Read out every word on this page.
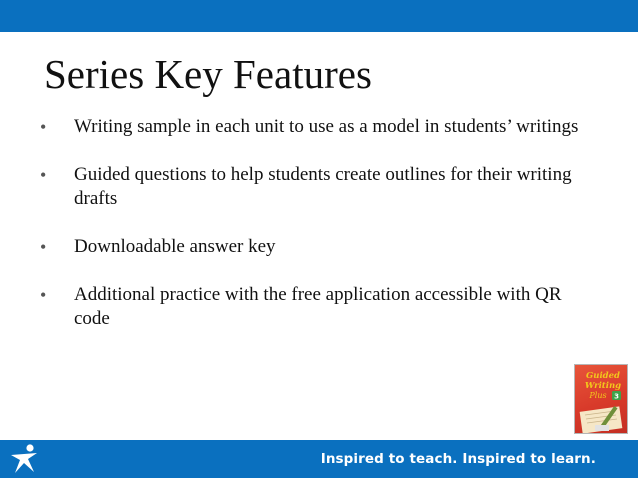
Series Key Features
• Writing sample in each unit to use as a model in students’ writings
• Guided questions to help students create outlines for their writing drafts
• Downloadable answer key
• Additional practice with the free application accessible with QR code
Guided
Writing
Plus 3
Inspired to teach. Inspired to learn.
